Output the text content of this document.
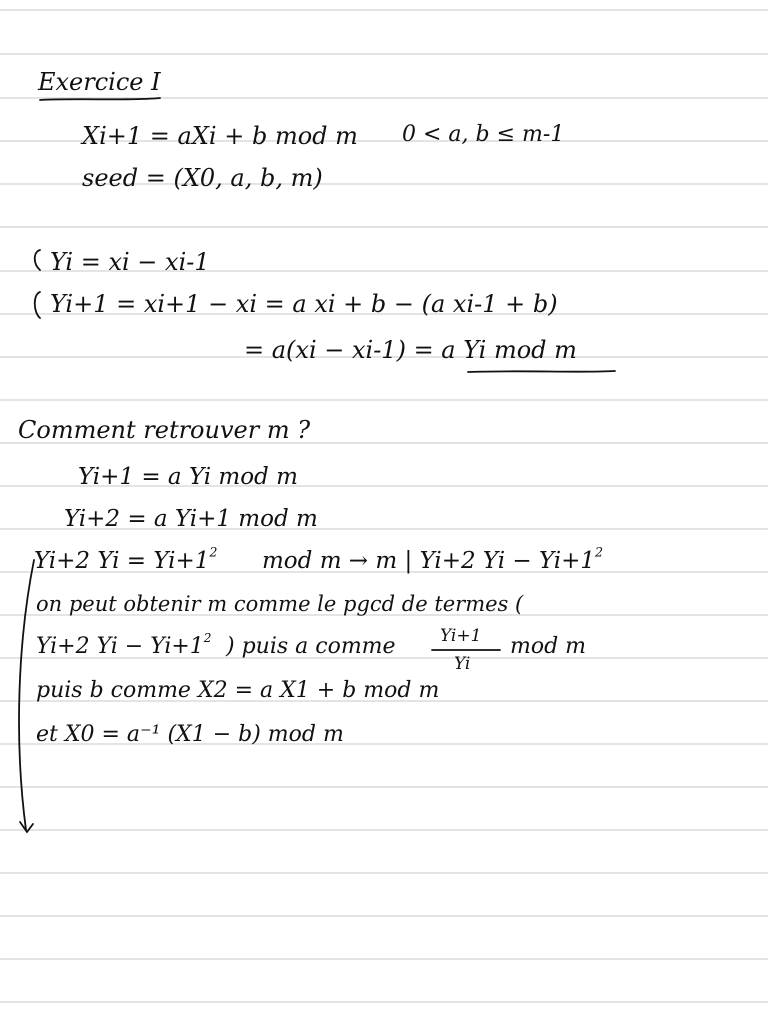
Exercice I
Xi+1 = aXi + b mod m 0 < a, b ≤ m-1
seed = (X0, a, b, m)
Yi = xi − xi-1
Yi+1 = xi+1 − xi = a xi + b − (a xi-1 + b)
= a(xi − xi-1) = a Yi mod m
Comment retrouver m ?
Yi+1 = a Yi mod m
Yi+2 = a Yi+1 mod m
Yi+2 $Yi = Yi+1^2$ mod m → m | Yi+2 $Yi - Yi+1^2$
on peut obtenir m comme le pgcd de termes (
Yi+2 $Yi - Yi+1^2$ ) puis a comme	Yi+1
Yi
mod m
puis b comme X2 = a X1 + b mod m
et X0 = a⁻¹ (X1 − b) mod m
